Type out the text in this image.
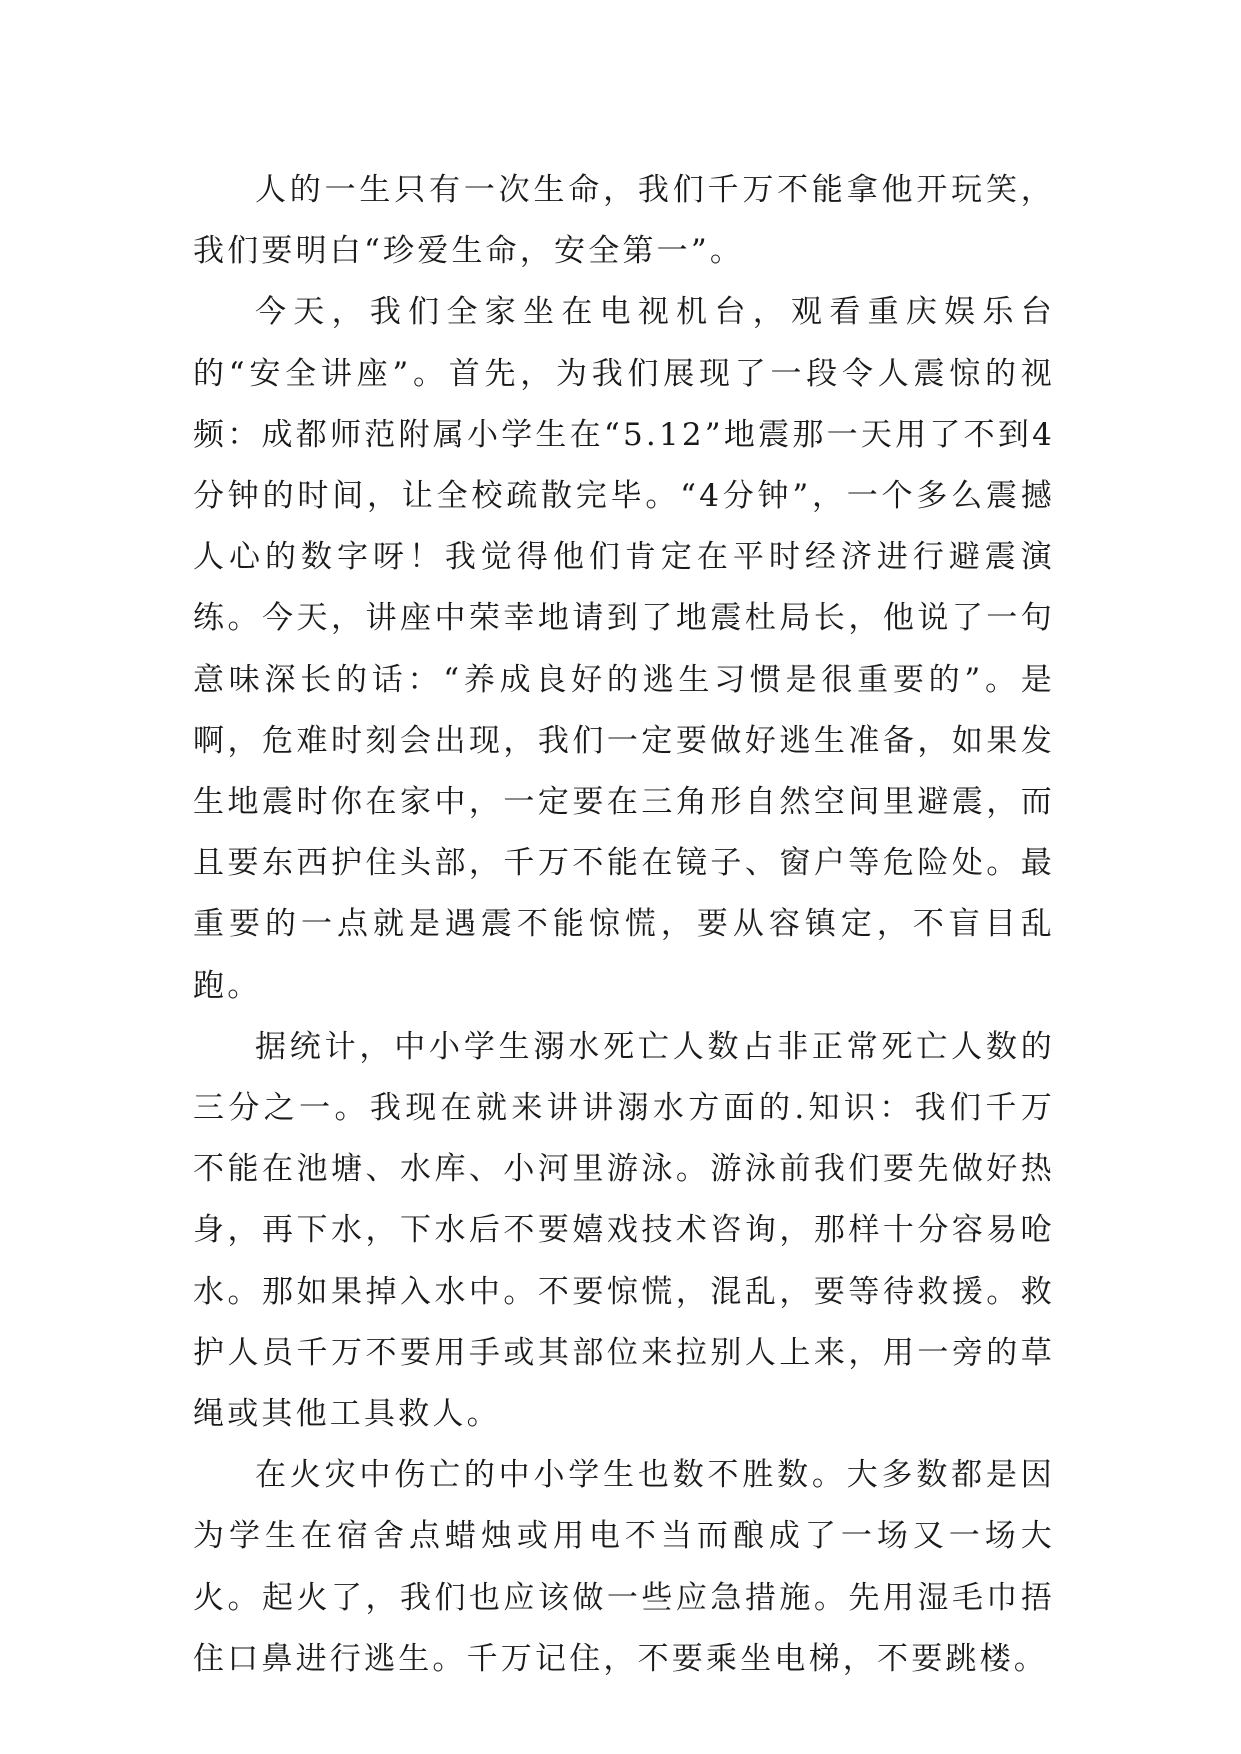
人的一生只有一次生命，我们千万不能拿他开玩笑，我们要明白“珍爱生命，安全第一”。

今天，我们全家坐在电视机台，观看重庆娱乐台的“安全讲座”。首先，为我们展现了一段令人震惊的视频：成都师范附属小学生在“5.12”地震那一天用了不到4分钟的时间，让全校疏散完毕。“4分钟”，一个多么震撼人心的数字呀！我觉得他们肯定在平时经济进行避震演练。今天，讲座中荣幸地请到了地震杜局长，他说了一句意味深长的话：“养成良好的逃生习惯是很重要的”。是啊，危难时刻会出现，我们一定要做好逃生准备，如果发生地震时你在家中，一定要在三角形自然空间里避震，而且要东西护住头部，千万不能在镜子、窗户等危险处。最重要的一点就是遇震不能惊慌，要从容镇定，不盲目乱跑。

据统计，中小学生溺水死亡人数占非正常死亡人数的三分之一。我现在就来讲讲溺水方面的.知识：我们千万不能在池塘、水库、小河里游泳。游泳前我们要先做好热身，再下水，下水后不要嬉戏技术咨询，那样十分容易呛水。那如果掉入水中。不要惊慌，混乱，要等待救援。救护人员千万不要用手或其部位来拉别人上来，用一旁的草绳或其他工具救人。

在火灾中伤亡的中小学生也数不胜数。大多数都是因为学生在宿舍点蜡烛或用电不当而酿成了一场又一场大火。起火了，我们也应该做一些应急措施。先用湿毛巾捂住口鼻进行逃生。千万记住，不要乘坐电梯，不要跳楼。
